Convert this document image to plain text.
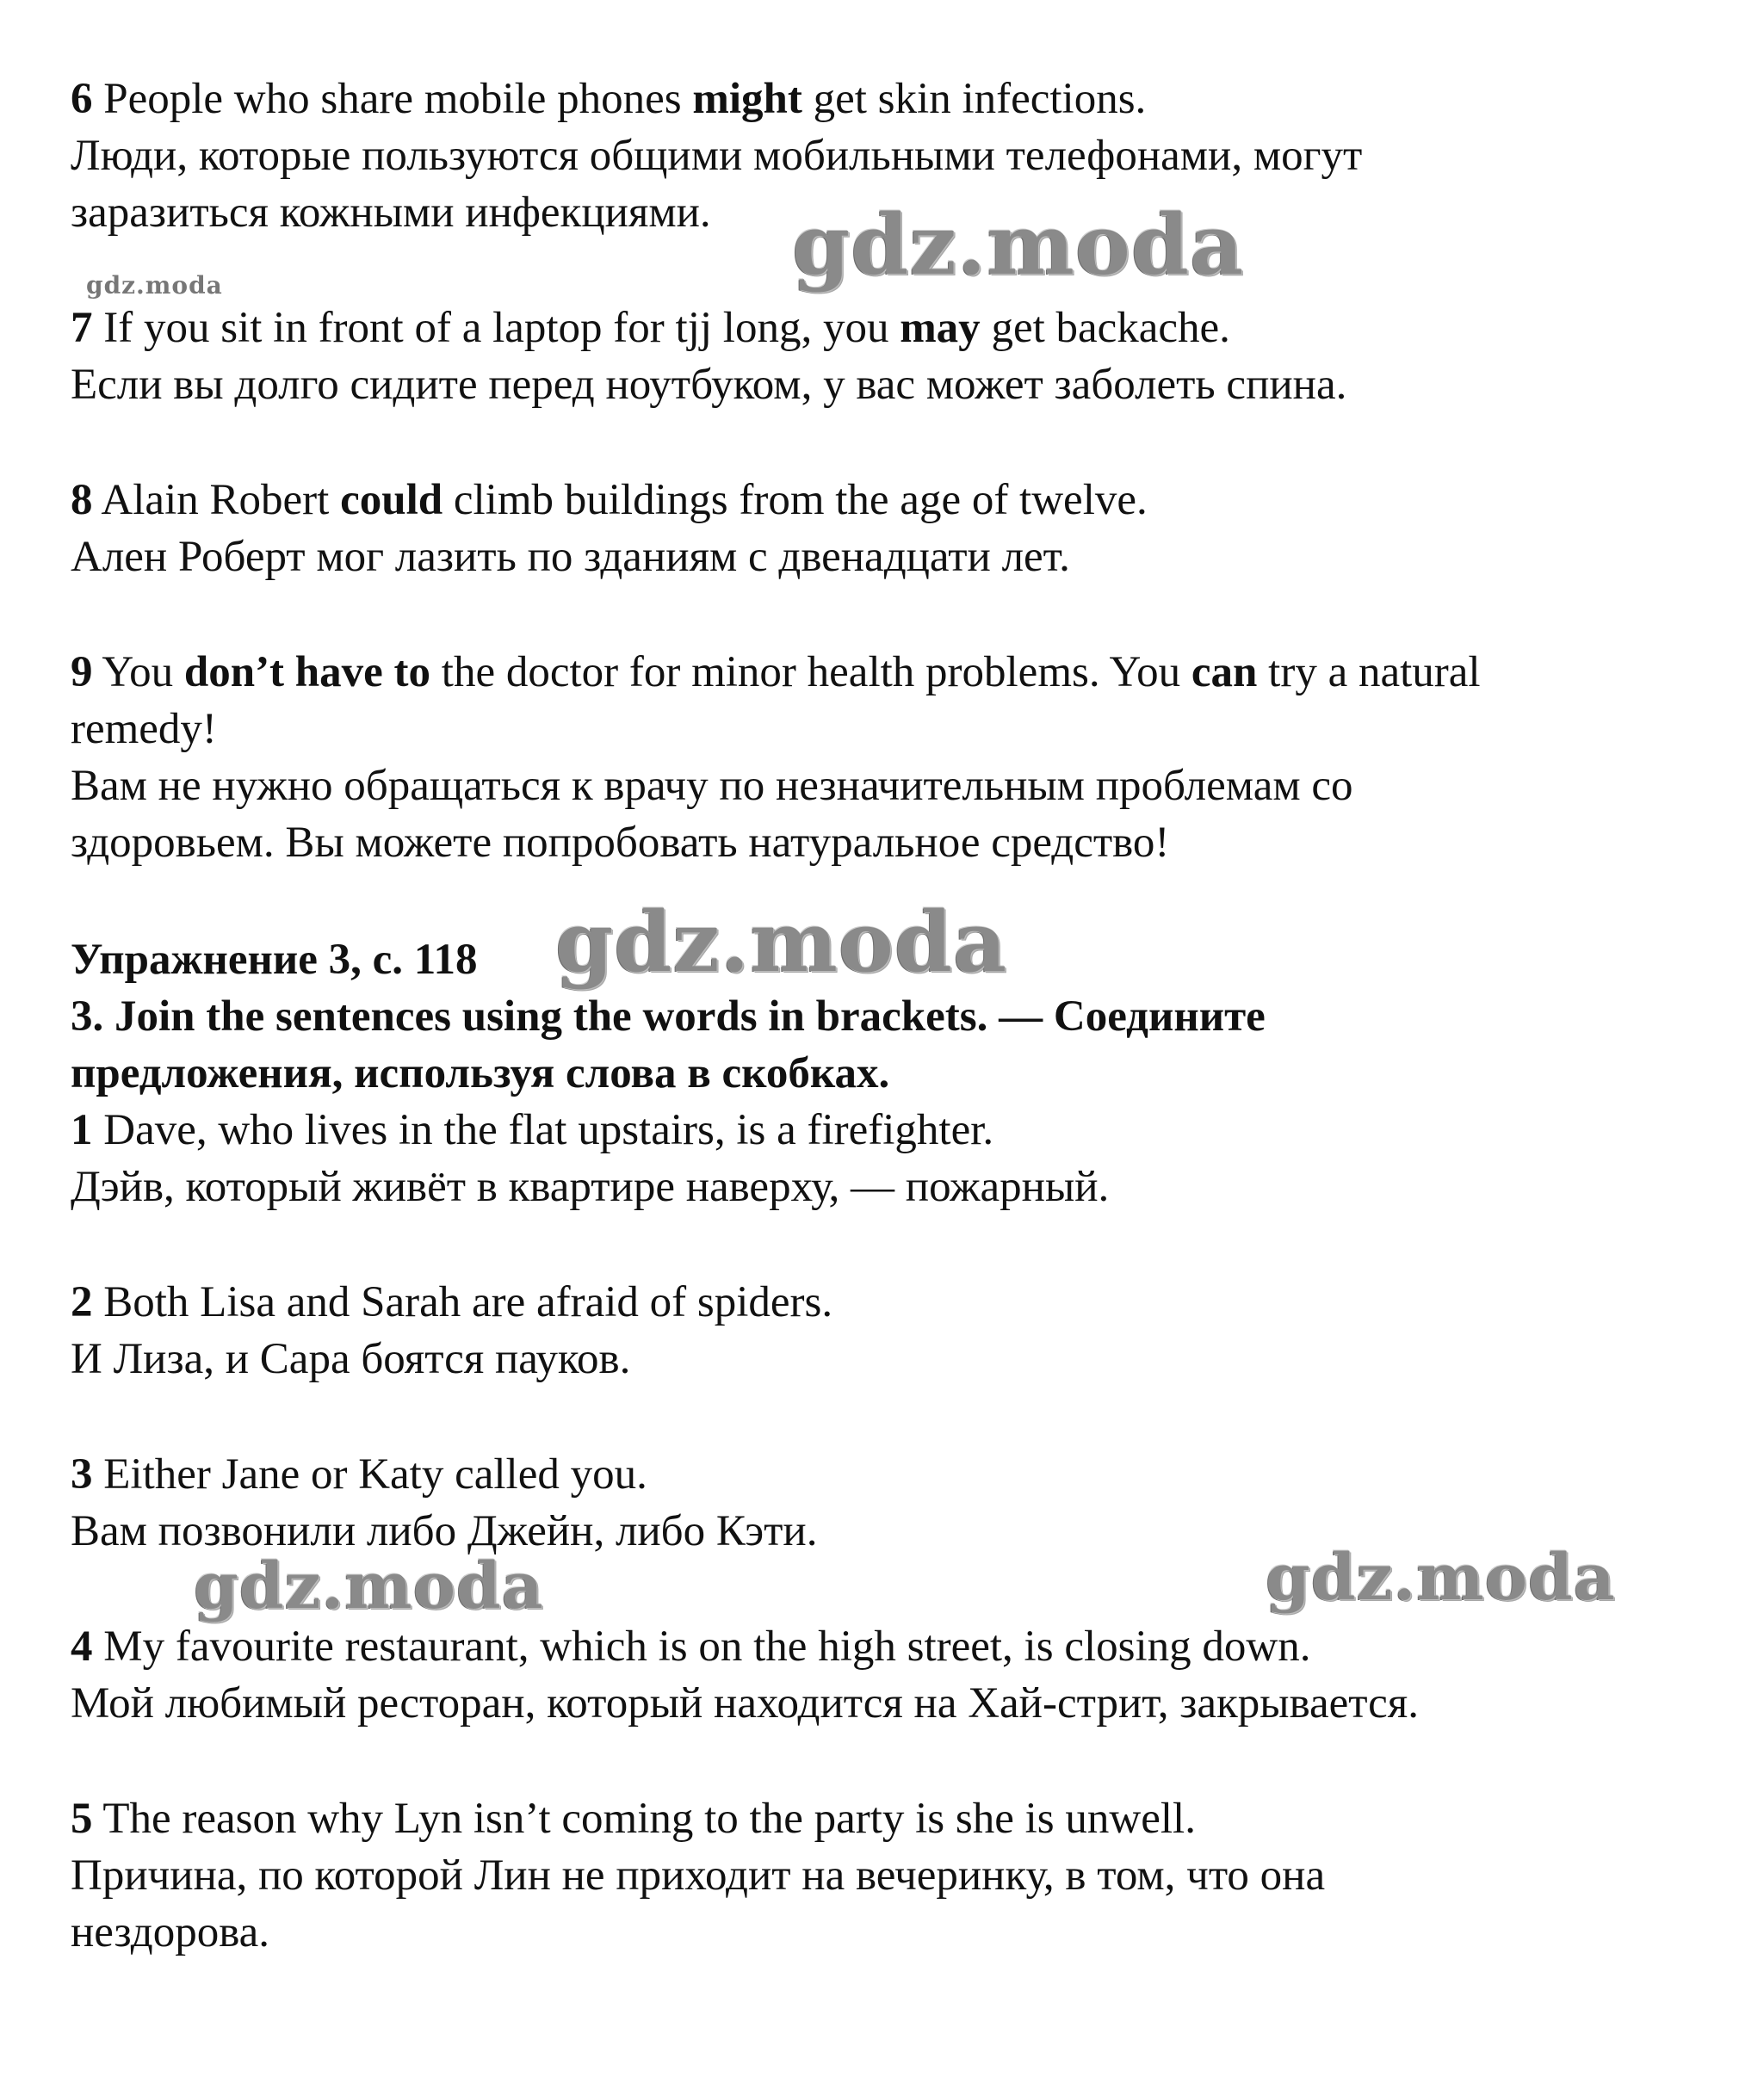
6 People who share mobile phones might get skin infections.

Люди, которые пользуются общими мобильными телефонами, могут

заразиться кожными инфекциями.

7 If you sit in front of a laptop for tjj long, you may get backache.

Если вы долго сидите перед ноутбуком, у вас может заболеть спина.

8 Alain Robert could climb buildings from the age of twelve.

Ален Роберт мог лазить по зданиям с двенадцати лет.

9 You don’t have to the doctor for minor health problems. You can try a natural

remedy!

Вам не нужно обращаться к врачу по незначительным проблемам со

здоровьем. Вы можете попробовать натуральное средство!

Упражнение 3, с. 118

3. Join the sentences using the words in brackets. — Соедините

предложения, используя слова в скобках.

1 Dave, who lives in the flat upstairs, is a firefighter.

Дэйв, который живёт в квартире наверху, — пожарный.

2 Both Lisa and Sarah are afraid of spiders.

И Лиза, и Сара боятся пауков.

3 Either Jane or Katy called you.

Вам позвонили либо Джейн, либо Кэти.

4 My favourite restaurant, which is on the high street, is closing down.

Мой любимый ресторан, который находится на Хай-стрит, закрывается.

5 The reason why Lyn isn’t coming to the party is she is unwell.

Причина, по которой Лин не приходит на вечеринку, в том, что она

нездорова.

gdz.moda
gdz.moda
gdz.moda
gdz.moda	gdz.moda
